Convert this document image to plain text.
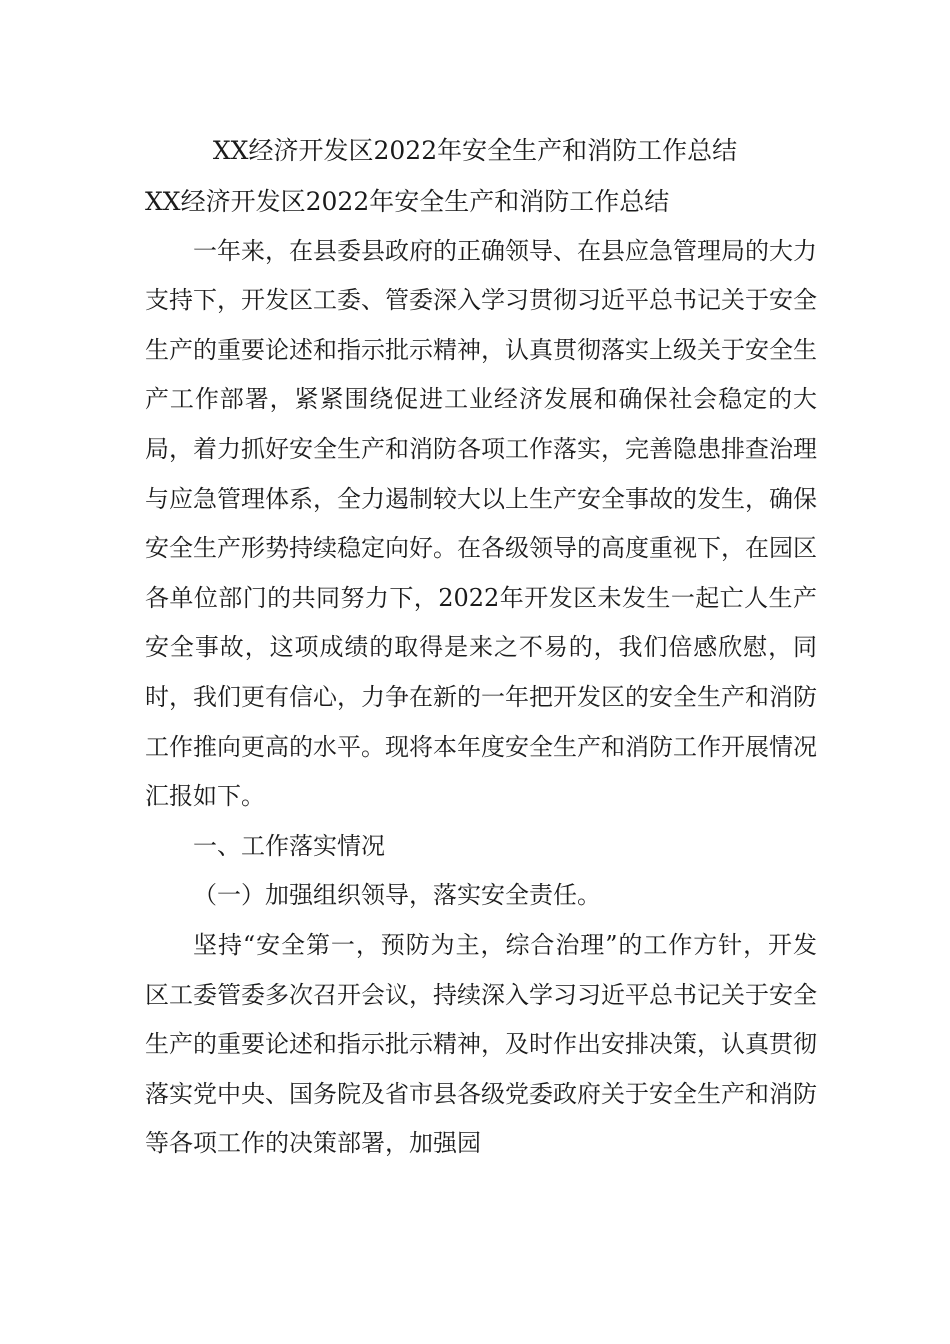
XX经济开发区2022年安全生产和消防工作总结

XX经济开发区2022年安全生产和消防工作总结

一年来，在县委县政府的正确领导、在县应急管理局的大力支持下，开发区工委、管委深入学习贯彻习近平总书记关于安全生产的重要论述和指示批示精神，认真贯彻落实上级关于安全生产工作部署，紧紧围绕促进工业经济发展和确保社会稳定的大局，着力抓好安全生产和消防各项工作落实，完善隐患排查治理与应急管理体系，全力遏制较大以上生产安全事故的发生，确保安全生产形势持续稳定向好。在各级领导的高度重视下，在园区各单位部门的共同努力下，2022年开发区未发生一起亡人生产安全事故，这项成绩的取得是来之不易的，我们倍感欣慰，同时，我们更有信心，力争在新的一年把开发区的安全生产和消防工作推向更高的水平。现将本年度安全生产和消防工作开展情况汇报如下。

一、工作落实情况

（一）加强组织领导，落实安全责任。

坚持“安全第一，预防为主，综合治理”的工作方针，开发区工委管委多次召开会议，持续深入学习习近平总书记关于安全生产的重要论述和指示批示精神，及时作出安排决策，认真贯彻落实党中央、国务院及省市县各级党委政府关于安全生产和消防等各项工作的决策部署，加强园
